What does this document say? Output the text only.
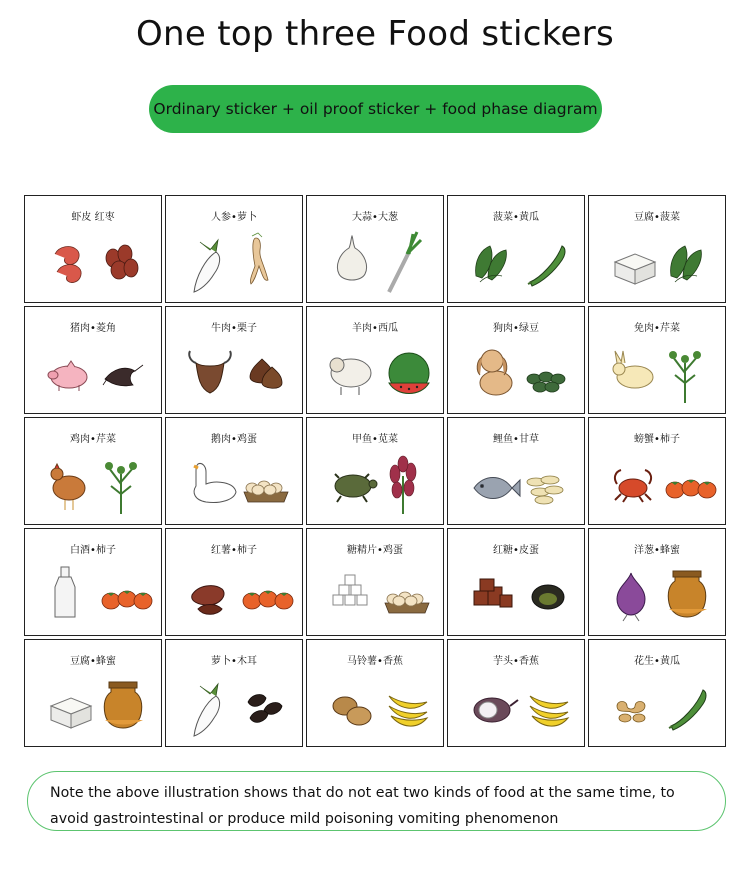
One top three Food stickers
Ordinary sticker + oil proof sticker + food phase diagram
虾皮 红枣	人参•萝卜	大蒜•大葱	菠菜•黄瓜	豆腐•菠菜
猪肉•菱角	牛肉•栗子	羊肉•西瓜	狗肉•绿豆	免肉•芹菜
鸡肉•芹菜	鹅肉•鸡蛋	甲鱼•苋菜	鲤鱼•甘草	螃蟹•柿子
白酒•柿子	红薯•柿子	糖精片•鸡蛋	红糖•皮蛋	洋葱•蜂蜜
豆腐•蜂蜜	萝卜•木耳	马铃薯•香蕉	芋头•香蕉	花生•黄瓜
Note the above illustration shows that do not eat two kinds of food at the same time, to avoid gastrointestinal or produce mild poisoning vomiting phenomenon
